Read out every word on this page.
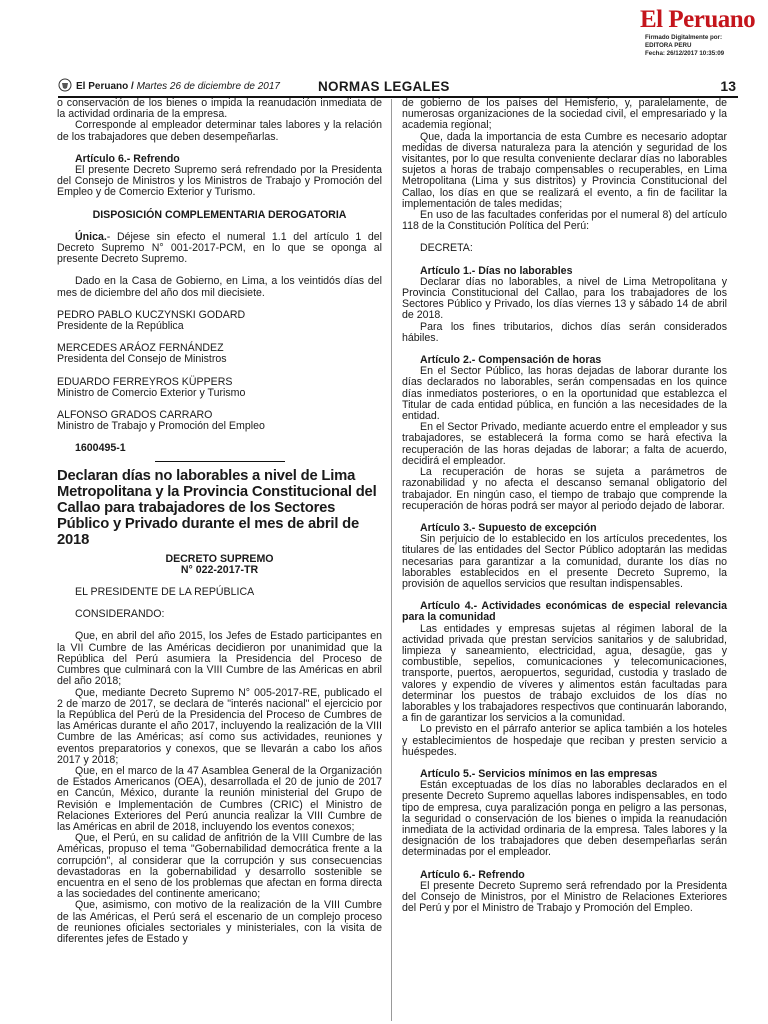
El Peruano
Firmado Digitalmente por:
EDITORA PERU
Fecha: 26/12/2017 10:35:09
El Peruano / Martes 26 de diciembre de 2017	NORMAS LEGALES	13

o conservación de los bienes o impida la reanudación inmediata de la actividad ordinaria de la empresa.

Corresponde al empleador determinar tales labores y la relación de los trabajadores que deben desempeñarlas.

Artículo 6.- Refrendo

El presente Decreto Supremo será refrendado por la Presidenta del Consejo de Ministros y los Ministros de Trabajo y Promoción del Empleo y de Comercio Exterior y Turismo.

DISPOSICIÓN COMPLEMENTARIA DEROGATORIA

Única.- Déjese sin efecto el numeral 1.1 del artículo 1 del Decreto Supremo N° 001-2017-PCM, en lo que se oponga al presente Decreto Supremo.

Dado en la Casa de Gobierno, en Lima, a los veintidós días del mes de diciembre del año dos mil diecisiete.

PEDRO PABLO KUCZYNSKI GODARD

Presidente de la República

MERCEDES ARÁOZ FERNÁNDEZ

Presidenta del Consejo de Ministros

EDUARDO FERREYROS KÜPPERS

Ministro de Comercio Exterior y Turismo

ALFONSO GRADOS CARRARO

Ministro de Trabajo y Promoción del Empleo

1600495-1

Declaran días no laborables a nivel de Lima Metropolitana y la Provincia Constitucional del Callao para trabajadores de los Sectores Público y Privado durante el mes de abril de 2018

DECRETO SUPREMO

N° 022-2017-TR

EL PRESIDENTE DE LA REPÚBLICA

CONSIDERANDO:

Que, en abril del año 2015, los Jefes de Estado participantes en la VII Cumbre de las Américas decidieron por unanimidad que la República del Perú asumiera la Presidencia del Proceso de Cumbres que culminará con la VIII Cumbre de las Américas en abril del año 2018;

Que, mediante Decreto Supremo N° 005-2017-RE, publicado el 2 de marzo de 2017, se declara de "interés nacional" el ejercicio por la República del Perú de la Presidencia del Proceso de Cumbres de las Américas durante el año 2017, incluyendo la realización de la VIII Cumbre de las Américas; así como sus actividades, reuniones y eventos preparatorios y conexos, que se llevarán a cabo los años 2017 y 2018;

Que, en el marco de la 47 Asamblea General de la Organización de Estados Americanos (OEA), desarrollada el 20 de junio de 2017 en Cancún, México, durante la reunión ministerial del Grupo de Revisión e Implementación de Cumbres (CRIC) el Ministro de Relaciones Exteriores del Perú anuncia realizar la VIII Cumbre de las Américas en abril de 2018, incluyendo los eventos conexos;

Que, el Perú, en su calidad de anfitrión de la VIII Cumbre de las Américas, propuso el tema "Gobernabilidad democrática frente a la corrupción", al considerar que la corrupción y sus consecuencias devastadoras en la gobernabilidad y desarrollo sostenible se encuentra en el seno de los problemas que afectan en forma directa a las sociedades del continente americano;

Que, asimismo, con motivo de la realización de la VIII Cumbre de las Américas, el Perú será el escenario de un complejo proceso de reuniones oficiales sectoriales y ministeriales, con la visita de diferentes jefes de Estado y

de gobierno de los países del Hemisferio, y, paralelamente, de numerosas organizaciones de la sociedad civil, el empresariado y la academia regional;

Que, dada la importancia de esta Cumbre es necesario adoptar medidas de diversa naturaleza para la atención y seguridad de los visitantes, por lo que resulta conveniente declarar días no laborables sujetos a horas de trabajo compensables o recuperables, en Lima Metropolitana (Lima y sus distritos) y Provincia Constitucional del Callao, los días en que se realizará el evento, a fin de facilitar la implementación de tales medidas;

En uso de las facultades conferidas por el numeral 8) del artículo 118 de la Constitución Política del Perú:

DECRETA:

Artículo 1.- Días no laborables

Declarar días no laborables, a nivel de Lima Metropolitana y Provincia Constitucional del Callao, para los trabajadores de los Sectores Público y Privado, los días viernes 13 y sábado 14 de abril de 2018.

Para los fines tributarios, dichos días serán considerados hábiles.

Artículo 2.- Compensación de horas

En el Sector Público, las horas dejadas de laborar durante los días declarados no laborables, serán compensadas en los quince días inmediatos posteriores, o en la oportunidad que establezca el Titular de cada entidad pública, en función a las necesidades de la entidad.

En el Sector Privado, mediante acuerdo entre el empleador y sus trabajadores, se establecerá la forma como se hará efectiva la recuperación de las horas dejadas de laborar; a falta de acuerdo, decidirá el empleador.

La recuperación de horas se sujeta a parámetros de razonabilidad y no afecta el descanso semanal obligatorio del trabajador. En ningún caso, el tiempo de trabajo que comprende la recuperación de horas podrá ser mayor al periodo dejado de laborar.

Artículo 3.- Supuesto de excepción

Sin perjuicio de lo establecido en los artículos precedentes, los titulares de las entidades del Sector Público adoptarán las medidas necesarias para garantizar a la comunidad, durante los días no laborables establecidos en el presente Decreto Supremo, la provisión de aquellos servicios que resultan indispensables.

Artículo 4.- Actividades económicas de especial relevancia para la comunidad

Las entidades y empresas sujetas al régimen laboral de la actividad privada que prestan servicios sanitarios y de salubridad, limpieza y saneamiento, electricidad, agua, desagüe, gas y combustible, sepelios, comunicaciones y telecomunicaciones, transporte, puertos, aeropuertos, seguridad, custodia y traslado de valores y expendio de víveres y alimentos están facultadas para determinar los puestos de trabajo excluidos de los días no laborables y los trabajadores respectivos que continuarán laborando, a fin de garantizar los servicios a la comunidad.

Lo previsto en el párrafo anterior se aplica también a los hoteles y establecimientos de hospedaje que reciban y presten servicio a huéspedes.

Artículo 5.- Servicios mínimos en las empresas

Están exceptuadas de los días no laborables declarados en el presente Decreto Supremo aquellas labores indispensables, en todo tipo de empresa, cuya paralización ponga en peligro a las personas, la seguridad o conservación de los bienes o impida la reanudación inmediata de la actividad ordinaria de la empresa. Tales labores y la designación de los trabajadores que deben desempeñarlas serán determinadas por el empleador.

Artículo 6.- Refrendo

El presente Decreto Supremo será refrendado por la Presidenta del Consejo de Ministros, por el Ministro de Relaciones Exteriores del Perú y por el Ministro de Trabajo y Promoción del Empleo.
